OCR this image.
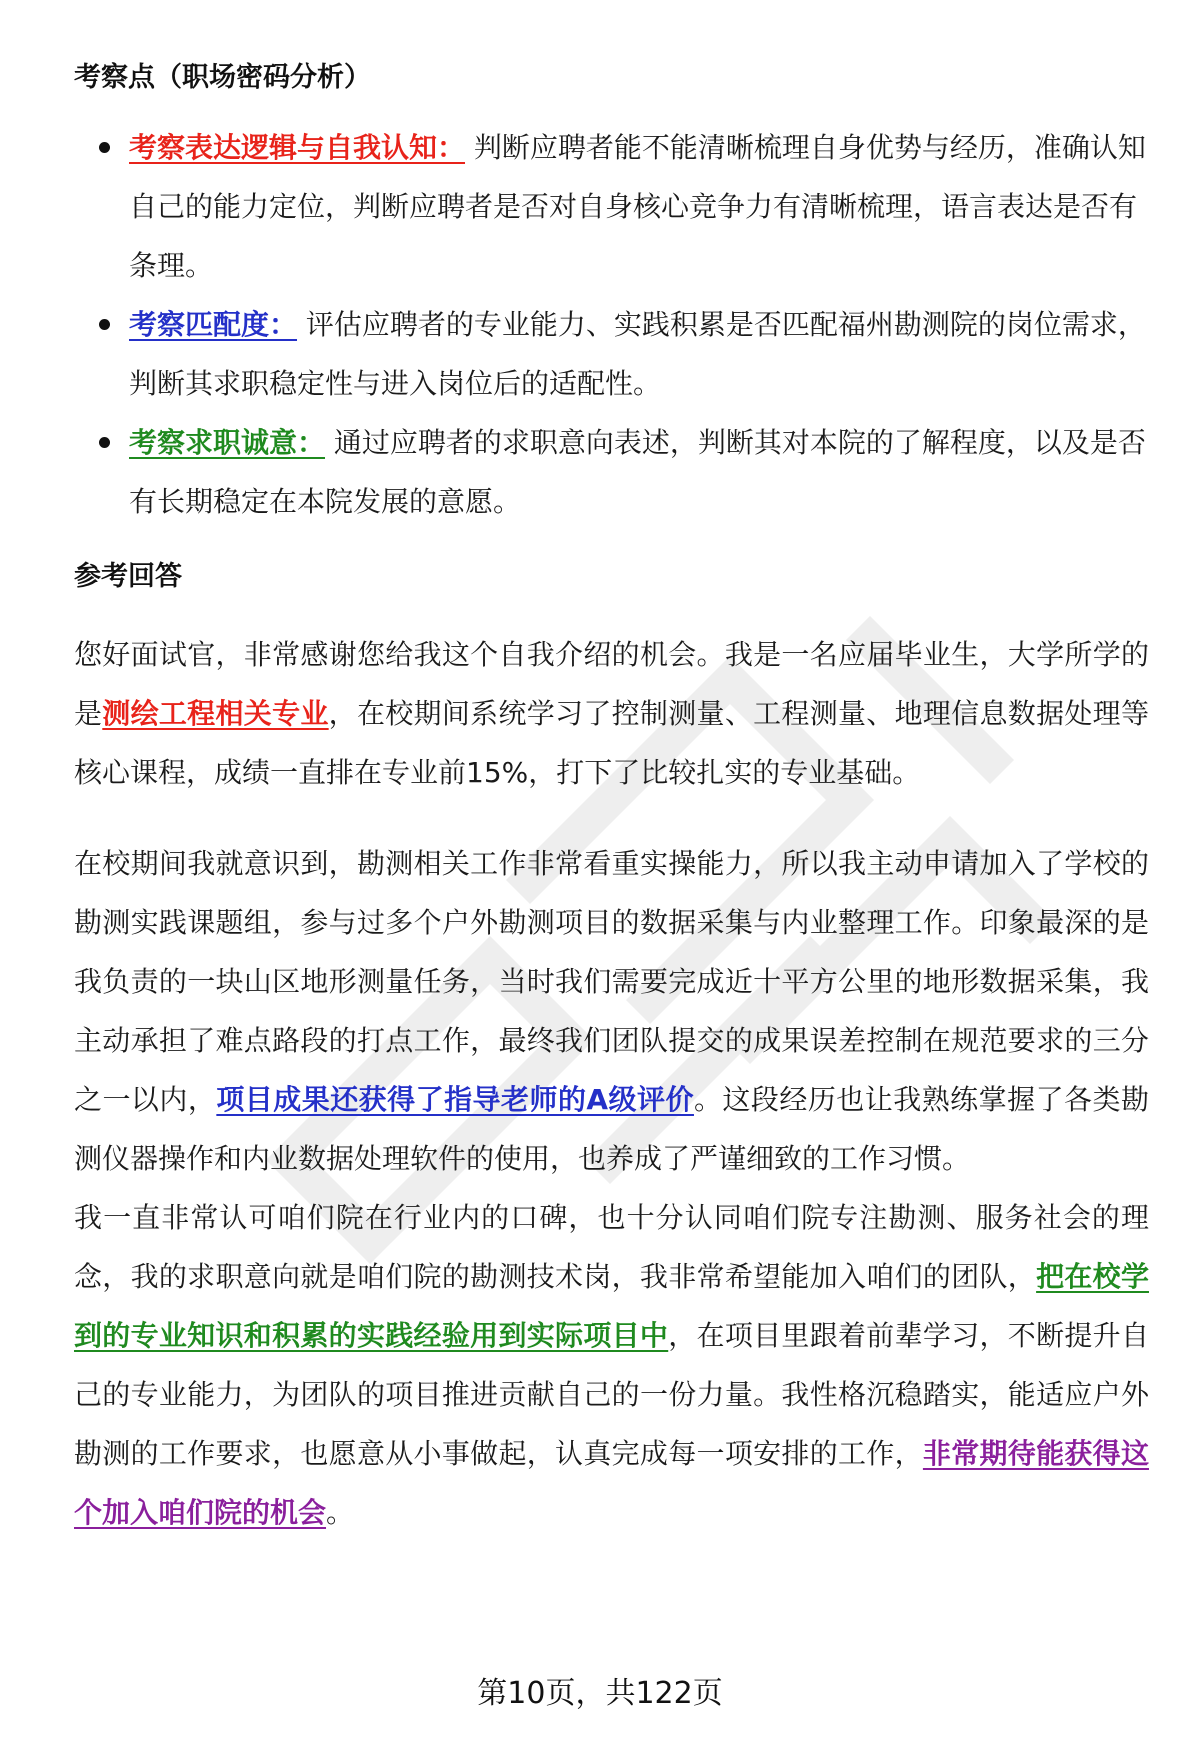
考察点（职场密码分析）
考察表达逻辑与自我认知： 判断应聘者能不能清晰梳理自身优势与经历，准确认知自己的能力定位，判断应聘者是否对自身核心竞争力有清晰梳理，语言表达是否有条理。
考察匹配度： 评估应聘者的专业能力、实践积累是否匹配福州勘测院的岗位需求，判断其求职稳定性与进入岗位后的适配性。
考察求职诚意： 通过应聘者的求职意向表述，判断其对本院的了解程度，以及是否有长期稳定在本院发展的意愿。
参考回答

您好面试官，非常感谢您给我这个自我介绍的机会。我是一名应届毕业生，大学所学的是测绘工程相关专业，在校期间系统学习了控制测量、工程测量、地理信息数据处理等核心课程，成绩一直排在专业前15%，打下了比较扎实的专业基础。

在校期间我就意识到，勘测相关工作非常看重实操能力，所以我主动申请加入了学校的勘测实践课题组，参与过多个户外勘测项目的数据采集与内业整理工作。印象最深的是我负责的一块山区地形测量任务，当时我们需要完成近十平方公里的地形数据采集，我主动承担了难点路段的打点工作，最终我们团队提交的成果误差控制在规范要求的三分之一以内，项目成果还获得了指导老师的A级评价。这段经历也让我熟练掌握了各类勘测仪器操作和内业数据处理软件的使用，也养成了严谨细致的工作习惯。

我一直非常认可咱们院在行业内的口碑，也十分认同咱们院专注勘测、服务社会的理念，我的求职意向就是咱们院的勘测技术岗，我非常希望能加入咱们的团队，把在校学到的专业知识和积累的实践经验用到实际项目中，在项目里跟着前辈学习，不断提升自己的专业能力，为团队的项目推进贡献自己的一份力量。我性格沉稳踏实，能适应户外勘测的工作要求，也愿意从小事做起，认真完成每一项安排的工作，非常期待能获得这个加入咱们院的机会。

第10页，共122页
